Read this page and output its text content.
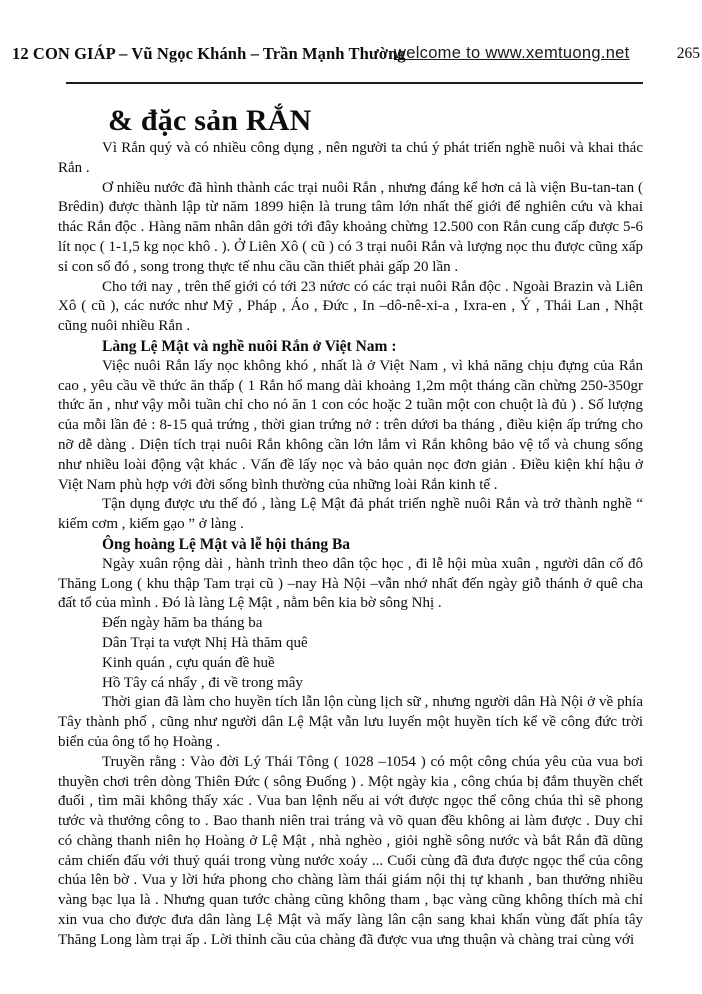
12 CON GIÁP – Vũ Ngọc Khánh – Trần Mạnh Thường
welcome to www.xemtuong.net	265
& đặc sản RẮN

Vì Rắn quý và có nhiều công dụng , nên người ta chú ý phát triển nghề nuôi và khai thác Rắn .

Ơ nhiều nước đã hình thành các trại nuôi Rắn , nhưng đáng kể hơn cả là viện Bu-tan-tan ( Brêdin) được thành lập từ năm 1899 hiện là trung tâm lớn nhất thế giới để nghiên cứu và khai thác Rắn độc . Hàng năm nhân dân gởi tới đây khoảng chừng 12.500 con Rắn cung cấp được 5-6 lít nọc ( 1-1,5 kg nọc khô . ). Ở Liên Xô ( cũ ) có 3 trại nuôi Rắn và lượng nọc thu được cũng xấp sỉ con số đó , song trong thực tế nhu cầu cần thiết phải gấp 20 lần .

Cho tới nay , trên thế giới có tới 23 nứơc có các trại nuôi Rắn độc . Ngoài Brazin và Liên Xô ( cũ ), các nước như Mỹ , Pháp , Áo , Đức , In –dô-nê-xi-a , Ixra-en , Ý , Thái Lan , Nhật cũng nuôi nhiều Rắn .

Làng Lệ Mật và nghề nuôi Rắn ở Việt Nam :

Việc nuôi Rắn lấy nọc không khó , nhất là ở Việt Nam , vì khả năng chịu đựng của Rắn cao , yêu cầu về thức ăn thấp ( 1 Rắn hổ mang dài khoảng 1,2m một tháng cần chừng 250-350gr thức ăn , như vậy mỗi tuần chỉ cho nó ăn 1 con cóc hoặc 2 tuần một con chuột là đủ ) . Số lượng của mỗi lần đẻ : 8-15 quả trứng , thời gian trứng nở : trên dứơi ba tháng , điều kiện ấp trứng cho nỡ dễ dàng . Diện tích trại nuôi Rắn không cần lớn lắm vì Rắn không bảo vệ tổ và chung sống như nhiều loài động vật khác . Vấn đề lấy nọc và bảo quản nọc đơn giản . Điều kiện khí hậu ở Việt Nam phù hợp với đời sống bình thường của những loài Rắn kinh tế .

Tận dụng được ưu thế đó , làng Lệ Mật đả phát triển nghề nuôi Rắn và trở thành nghề “ kiếm cơm , kiếm gạo ” ở làng .

Ông hoàng Lệ Mật và lễ hội tháng Ba

Ngày xuân rộng dài , hành trình theo dân tộc học , đi lễ hội mùa xuân , người dân cố đô Thăng Long ( khu thập Tam trại cũ ) –nay Hà Nội –vẫn nhớ nhất đến ngày giỗ thánh ở quê cha đất tổ của mình . Đó là làng Lệ Mật , nằm bên kia bờ sông Nhị .

Đến ngày hăm ba tháng ba
Dân Trại ta vượt Nhị Hà thăm quê
Kinh quán , cựu quán đề huề
Hồ Tây cá nhẩy , đi về trong mây

Thời gian đã làm cho huyền tích lẫn lộn cùng lịch sữ , nhưng người dân Hà Nội ở về phía Tây thành phố , cũng như người dân Lệ Mật vẫn lưu luyến một huyền tích kể về công đức trời biển của ông tổ họ Hoàng .

Truyền rằng : Vào đời Lý Thái Tông ( 1028 –1054 ) có một công chúa yêu của vua bơi thuyền chơi trên dòng Thiên Đức ( sông Đuống ) . Một ngày kia , công chúa bị đắm thuyền chết đuối , tìm mãi không thấy xác . Vua ban lệnh nếu ai vớt được ngọc thể công chúa thì sẽ phong tước và thưởng công to . Bao thanh niên trai tráng và võ quan đều không ai làm được . Duy chỉ có chàng thanh niên họ Hoàng ở Lệ Mật , nhà nghèo , giỏi nghề sông nước và bắt Rắn đã dũng cảm chiến đấu với thuỷ quái trong vùng nước xoáy ... Cuối cùng đã đưa được ngọc thể của công chúa lên bờ . Vua y lời hứa phong cho chàng làm thái giám nội thị tự khanh , ban thưởng nhiều vàng bạc lụa là . Nhưng quan tước chàng cũng không tham , bạc vàng cũng không thích mà chỉ xin vua cho được đưa dân làng Lệ Mật và mấy làng lân cận sang khai khẩn vùng đất phía tây Thăng Long làm trại ấp . Lời thỉnh cầu của chàng đã được vua ưng thuận và chàng trai cùng với
